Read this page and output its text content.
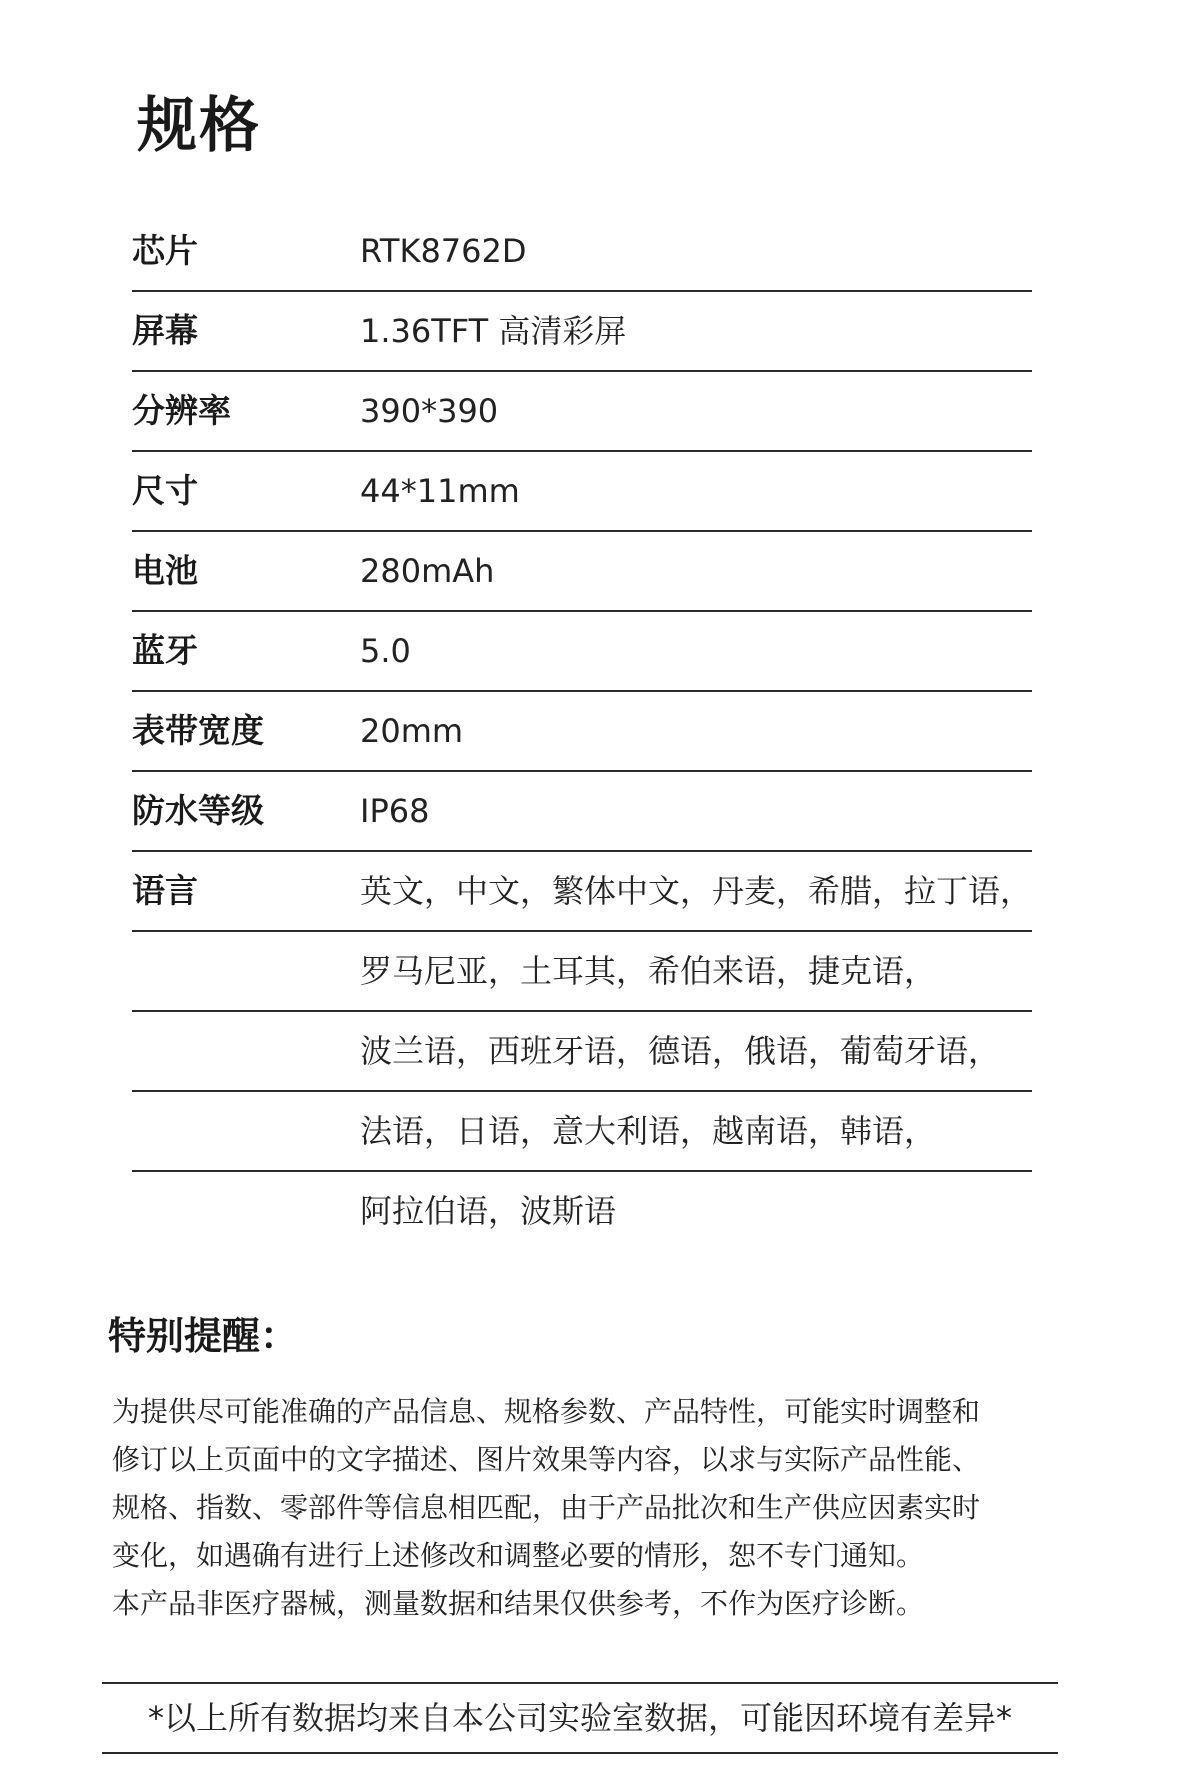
规格
芯片	RTK8762D
屏幕	1.36TFT 高清彩屏
分辨率	390*390
尺寸	44*11mm
电池	280mAh
蓝牙	5.0
表带宽度	20mm
防水等级	IP68
语言	英文，中文，繁体中文，丹麦，希腊，拉丁语，
罗马尼亚，土耳其，希伯来语，捷克语，
波兰语，西班牙语，德语，俄语，葡萄牙语，
法语，日语，意大利语，越南语，韩语，
阿拉伯语，波斯语
特别提醒：
为提供尽可能准确的产品信息、规格参数、产品特性，可能实时调整和
修订以上页面中的文字描述、图片效果等内容，以求与实际产品性能、
规格、指数、零部件等信息相匹配，由于产品批次和生产供应因素实时
变化，如遇确有进行上述修改和调整必要的情形，恕不专门通知。
本产品非医疗器械，测量数据和结果仅供参考，不作为医疗诊断。
*以上所有数据均来自本公司实验室数据，可能因环境有差异*
